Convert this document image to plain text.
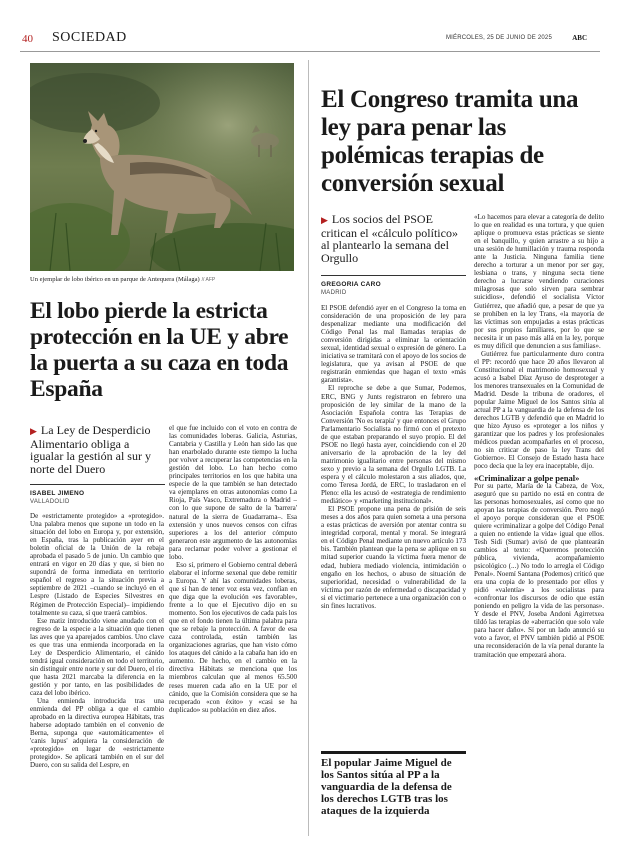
40 SOCIEDAD	MIÉRCOLES, 25 DE JUNIO DE 2025	ABC
Un ejemplar de lobo ibérico en un parque de Antequera (Málaga) // AFP
El lobo pierde la estricta protección en la UE y abre la puerta a su caza en toda España
▶ La Ley de Desperdicio Alimentario obliga a igualar la gestión al sur y norte del Duero
ISABEL JIMENO
VALLADOLID

De «estrictamente protegido» a «protegido». Una palabra menos que supone un todo en la situación del lobo en Europa y, por extensión, en España, tras la publicación ayer en el boletín oficial de la Unión de la rebaja aprobada el pasado 5 de junio. Un cambio que entrará en vigor en 20 días y que, si bien no supondrá de forma inmediata en territorio español el regreso a la situación previa a septiembre de 2021 –cuando se incluyó en el Lespre (Listado de Especies Silvestres en Régimen de Protección Especial)– impidiendo totalmente su caza, sí que traerá cambios.

Ese matiz introducido viene anudado con el regreso de la especie a la situación que tienen las aves que ya aparejados cambios. Uno clave es que tras una enmienda incorporada en la Ley de Desperdicio Alimentario, el cánido tendrá igual consideración en todo el territorio, sin distinguir entre norte y sur del Duero, el río que hasta 2021 marcaba la diferencia en la gestión y por tanto, en las posibilidades de caza del lobo ibérico.

Una enmienda introducida tras una enmienda del PP obliga a que el cambio aprobado en la directiva europea Hábitats, tras haberse adoptado también en el convenio de Berna, suponga que «automáticamente» el 'canis lupus' adquiera la consideración de «protegido» en lugar de «estrictamente protegido». Se aplicará también en el sur del Duero, con su salida del Lespre, en

el que fue incluido con el voto en contra de las comunidades loberas. Galicia, Asturias, Cantabria y Castilla y León han sido las que han enarbolado durante este tiempo la lucha por volver a recuperar las competencias en la gestión del lobo. Lo han hecho como principales territorios en los que habita una especie de la que también se han detectado va ejemplares en otras autonomías como La Rioja, País Vasco, Extremadura o Madrid –con lo que supone de salto de la 'barrera' natural de la sierra de Guadarrama–. Esa extensión y unos nuevos censos con cifras superiores a los del anterior cómputo generaron este argumento de las autonomías para reclamar poder volver a gestionar el lobo.

Eso sí, primero el Gobierno central deberá elaborar el informe sexenal que debe remitir a Europa. Y ahí las comunidades loberas, que sí han de tener voz esta vez, confían en que diga que la evolución «es favorable», frente a lo que el Ejecutivo dijo en su momento. Son los ejecutivos de cada país los que en el fondo tienen la última palabra para que se rebaje la protección. A favor de esa caza controlada, están también las organizaciones agrarias, que han visto cómo los ataques del cánido a la cabaña han ido en aumento. De hecho, en el cambio en la directiva Hábitats se menciona que los miembros calculan que al menos 65.500 reses mueren cada año en la UE por el cánido, que la Comisión considera que se ha recuperado «con éxito» y «casi se ha duplicado» su población en diez años.

El Congreso tramita una ley para penar las polémicas terapias de conversión sexual
▶ Los socios del PSOE critican el «cálculo político» al plantearlo la semana del Orgullo
GREGORIA CARO
MADRID

El PSOE defendió ayer en el Congreso la toma en consideración de una proposición de ley para despenalizar mediante una modificación del Código Penal las mal llamadas terapias de conversión dirigidas a eliminar la orientación sexual, identidad sexual o expresión de género. La iniciativa se tramitará con el apoyo de los socios de legislatura, que ya avisan al PSOE de que registrarán enmiendas que hagan el texto «más garantista».

El reproche se debe a que Sumar, Podemos, ERC, BNG y Junts registraron en febrero una proposición de ley similar de la mano de la Asociación Española contra las Terapias de Conversión 'No es terapia' y que entonces el Grupo Parlamentario Socialista no firmó con el pretexto de que estaban preparando el suyo propio. El del PSOE no llegó hasta ayer, coincidiendo con el 20 aniversario de la aprobación de la ley del matrimonio igualitario entre personas del mismo sexo y previo a la semana del Orgullo LGTB. La espera y el cálculo molestaron a sus aliados, que, como Teresa Jordá, de ERC, lo trasladaron en el Pleno: ella les acusó de «estrategia de rendimiento mediático» y «marketing institucional».

El PSOE propone una pena de prisión de seis meses a dos años para quien someta a una persona a estas prácticas de aversión por atentar contra su integridad corporal, mental y moral. Se integrará en el Código Penal mediante un nuevo artículo 173 bis. También plantean que la pena se aplique en su mitad superior cuando la víctima fuera menor de edad, hubiera mediado violencia, intimidación o engaño en los hechos, o abuso de situación de superioridad, necesidad o vulnerabilidad de la víctima por razón de enfermedad o discapacidad y si el victimario pertenece a una organización con o sin fines lucrativos.

El popular Jaime Miguel de los Santos sitúa al PP a la vanguardia de la defensa de los derechos LGTB tras los ataques de la izquierda

«Lo hacemos para elevar a categoría de delito lo que en realidad es una tortura, y que quien aplique o promueva estas prácticas se siente en el banquillo, y quien arrastre a su hijo a una sesión de humillación y trauma responda ante la Justicia. Ninguna familia tiene derecho a torturar a un menor por ser gay, lesbiana o trans, y ninguna secta tiene derecho a lucrarse vendiendo curaciones milagrosas que solo sirven para sembrar suicidios», defendió el socialista Víctor Gutiérrez, que añadió que, a pesar de que ya se prohíben en la ley Trans, «la mayoría de las víctimas son empujadas a estas prácticas por sus propios familiares, por lo que se necesita ir un paso más allá en la ley, porque es muy difícil que denuncien a sus familias».

Gutiérrez fue particularmente duro contra el PP: recordó que hace 20 años llevaron al Constitucional el matrimonio homosexual y acusó a Isabel Díaz Ayuso de desproteger a los menores transexuales en la Comunidad de Madrid. Desde la tribuna de oradores, el popular Jaime Miguel de los Santos sitúa al actual PP a la vanguardia de la defensa de los derechos LGTB y defendió que en Madrid lo que hizo Ayuso es «proteger a los niños y garantizar que los padres y los profesionales médicos puedan acompañarles en el proceso, no sin criticar de paso la ley Trans del Gobierno». El Consejo de Estado hasta hace poco decía que la ley era inaceptable, dijo.

«Criminalizar a golpe penal»

Por su parte, María de la Cabeza, de Vox, aseguró que su partido no está en contra de las personas homosexuales, así como que no apoyan las terapias de conversión. Pero negó el apoyo porque consideran que el PSOE quiere «criminalizar a golpe del Código Penal a quien no entiende la vida» igual que ellos. Tesh Sidi (Sumar) avisó de que plantearán cambios al texto: «Queremos protección pública, vivienda, acompañamiento psicológico (...) No todo lo arregla el Código Penal». Noemí Santana (Podemos) criticó que era una copia de lo presentado por ellos y pidió «valentía» a los socialistas para «confrontar los discursos de odio que están poniendo en peligro la vida de las personas». Y desde el PNV, Joseba Andoni Agirretxea tildó las terapias de «aberración que solo vale para hacer daño». Sí por un lado anunció su voto a favor, el PNV también pidió al PSOE una reconsideración de la vía penal durante la tramitación que empezará ahora.
